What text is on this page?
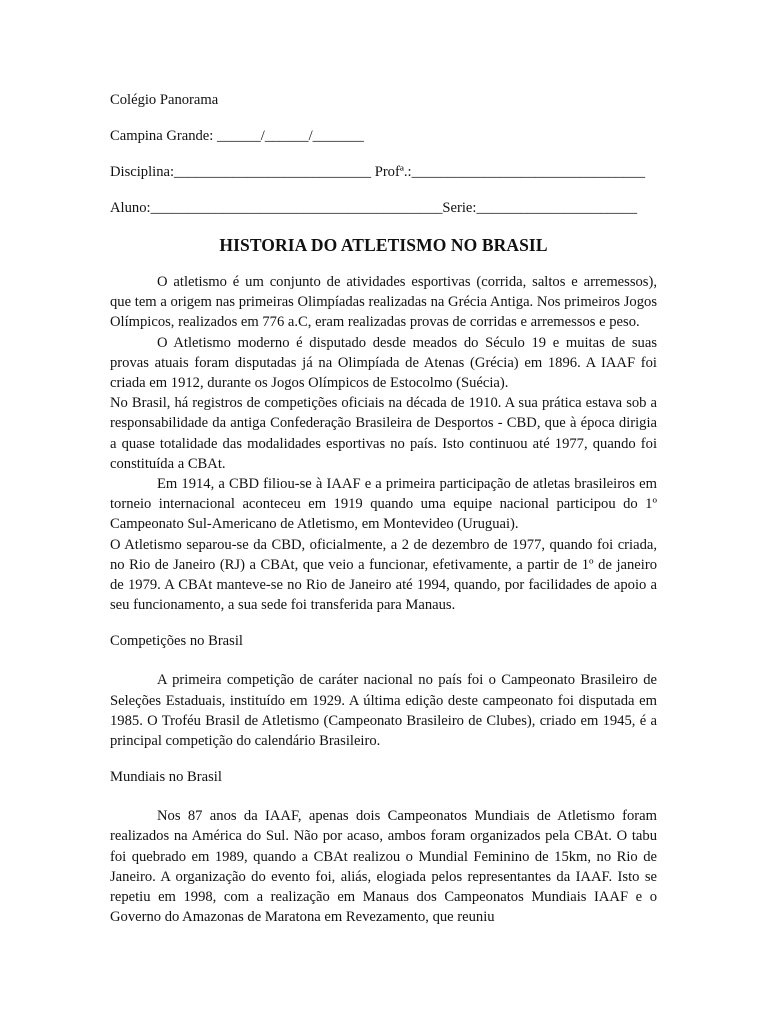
Colégio Panorama
Campina Grande: ______/______/_______
Disciplina:___________________________ Profª.:________________________________
Aluno:________________________________________Serie:______________________
HISTORIA DO ATLETISMO NO BRASIL

O atletismo é um conjunto de atividades esportivas (corrida, saltos e arremessos), que tem a origem nas primeiras Olimpíadas realizadas na Grécia Antiga. Nos primeiros Jogos Olímpicos, realizados em 776 a.C, eram realizadas provas de corridas e arremessos e peso.

O Atletismo moderno é disputado desde meados do Século 19 e muitas de suas provas atuais foram disputadas já na Olimpíada de Atenas (Grécia) em 1896. A IAAF foi criada em 1912, durante os Jogos Olímpicos de Estocolmo (Suécia).

No Brasil, há registros de competições oficiais na década de 1910. A sua prática estava sob a responsabilidade da antiga Confederação Brasileira de Desportos - CBD, que à época dirigia a quase totalidade das modalidades esportivas no país. Isto continuou até 1977, quando foi constituída a CBAt.

Em 1914, a CBD filiou-se à IAAF e a primeira participação de atletas brasileiros em torneio internacional aconteceu em 1919 quando uma equipe nacional participou do 1º Campeonato Sul-Americano de Atletismo, em Montevideo (Uruguai).

O Atletismo separou-se da CBD, oficialmente, a 2 de dezembro de 1977, quando foi criada, no Rio de Janeiro (RJ) a CBAt, que veio a funcionar, efetivamente, a partir de 1º de janeiro de 1979. A CBAt manteve-se no Rio de Janeiro até 1994, quando, por facilidades de apoio a seu funcionamento, a sua sede foi transferida para Manaus.

Competições no Brasil

A primeira competição de caráter nacional no país foi o Campeonato Brasileiro de Seleções Estaduais, instituído em 1929. A última edição deste campeonato foi disputada em 1985. O Troféu Brasil de Atletismo (Campeonato Brasileiro de Clubes), criado em 1945, é a principal competição do calendário Brasileiro.

Mundiais no Brasil

Nos 87 anos da IAAF, apenas dois Campeonatos Mundiais de Atletismo foram realizados na América do Sul. Não por acaso, ambos foram organizados pela CBAt. O tabu foi quebrado em 1989, quando a CBAt realizou o Mundial Feminino de 15km, no Rio de Janeiro. A organização do evento foi, aliás, elogiada pelos representantes da IAAF. Isto se repetiu em 1998, com a realização em Manaus dos Campeonatos Mundiais IAAF e o Governo do Amazonas de Maratona em Revezamento, que reuniu
